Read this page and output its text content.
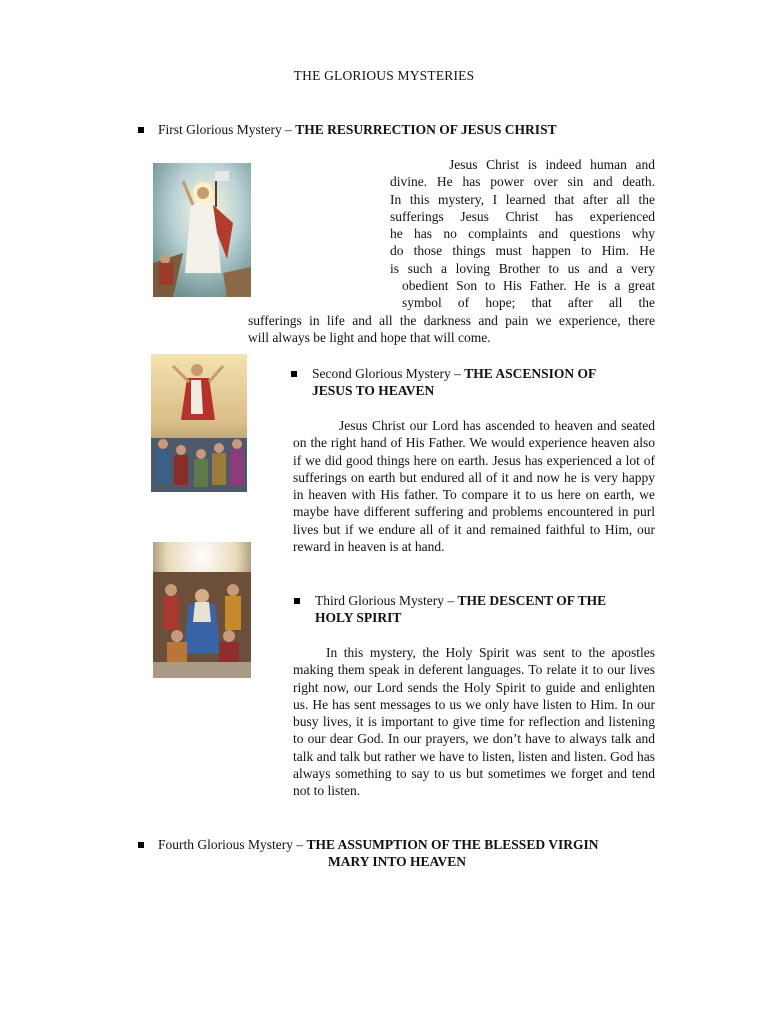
THE GLORIOUS MYSTERIES
First Glorious Mystery – THE RESURRECTION OF JESUS CHRIST
Jesus Christ is indeed human and
divine. He has power over sin and death.
In this mystery, I learned that after all the
sufferings Jesus Christ has experienced
he has no complaints and questions why
do those things must happen to Him. He
is such a loving Brother to us and a very
obedient Son to His Father. He is a great
symbol of hope; that after all the
sufferings in life and all the darkness and pain we experience, there
will always be light and hope that will come.
Second Glorious Mystery – THE ASCENSION OF
JESUS TO HEAVEN
Jesus Christ our Lord has ascended to heaven and seated on the right hand of His Father. We would experience heaven also if we did good things here on earth. Jesus has experienced a lot of sufferings on earth but endured all of it and now he is very happy in heaven with His father. To compare it to us here on earth, we maybe have different suffering and problems encountered in purl lives but if we endure all of it and remained faithful to Him, our reward in heaven is at hand.
Third Glorious Mystery – THE DESCENT OF THE
HOLY SPIRIT
In this mystery, the Holy Spirit was sent to the apostles making them speak in deferent languages. To relate it to our lives right now, our Lord sends the Holy Spirit to guide and enlighten us. He has sent messages to us we only have listen to Him. In our busy lives, it is important to give time for reflection and listening to our dear God. In our prayers, we don’t have to always talk and talk and talk but rather we have to listen, listen and listen. God has always something to say to us but sometimes we forget and tend not to listen.
Fourth Glorious Mystery – THE ASSUMPTION OF THE BLESSED VIRGIN
MARY INTO HEAVEN
